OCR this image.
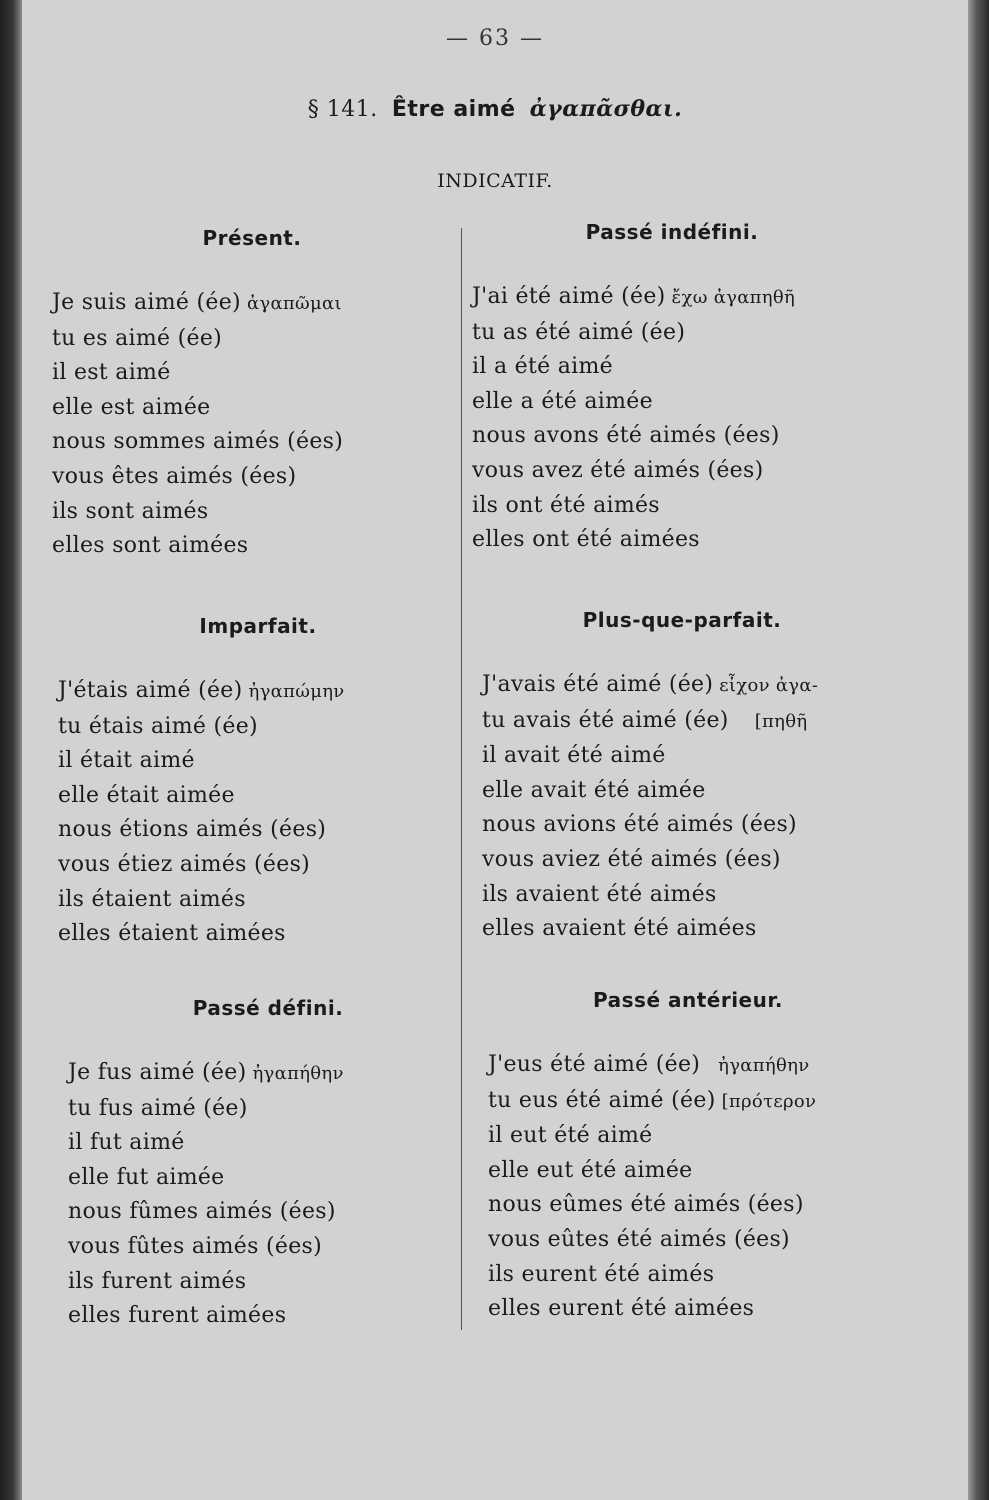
— 63 —
§ 141. Être aimé ἀγαπᾶσθαι.
INDICATIF.
Présent.
Je suis aimé (ée) ἀγαπῶμαι
tu es aimé (ée)
il est aimé
elle est aimée
nous sommes aimés (ées)
vous êtes aimés (ées)
ils sont aimés
elles sont aimées
Imparfait.
J'étais aimé (ée) ἠγαπώμην
tu étais aimé (ée)
il était aimé
elle était aimée
nous étions aimés (ées)
vous étiez aimés (ées)
ils étaient aimés
elles étaient aimées
Passé défini.
Je fus aimé (ée) ἠγαπήθην
tu fus aimé (ée)
il fut aimé
elle fut aimée
nous fûmes aimés (ées)
vous fûtes aimés (ées)
ils furent aimés
elles furent aimées
Passé indéfini.
J'ai été aimé (ée) ἔχω ἀγαπηθῆ
tu as été aimé (ée)
il a été aimé
elle a été aimée
nous avons été aimés (ées)
vous avez été aimés (ées)
ils ont été aimés
elles ont été aimées
Plus-que-parfait.
J'avais été aimé (ée) εἶχον ἀγα-
tu avais été aimé (ée) [πηθῆ
il avait été aimé
elle avait été aimée
nous avions été aimés (ées)
vous aviez été aimés (ées)
ils avaient été aimés
elles avaient été aimées
Passé antérieur.
J'eus été aimé (ée) ἠγαπήθην
tu eus été aimé (ée) [πρότερον
il eut été aimé
elle eut été aimée
nous eûmes été aimés (ées)
vous eûtes été aimés (ées)
ils eurent été aimés
elles eurent été aimées
